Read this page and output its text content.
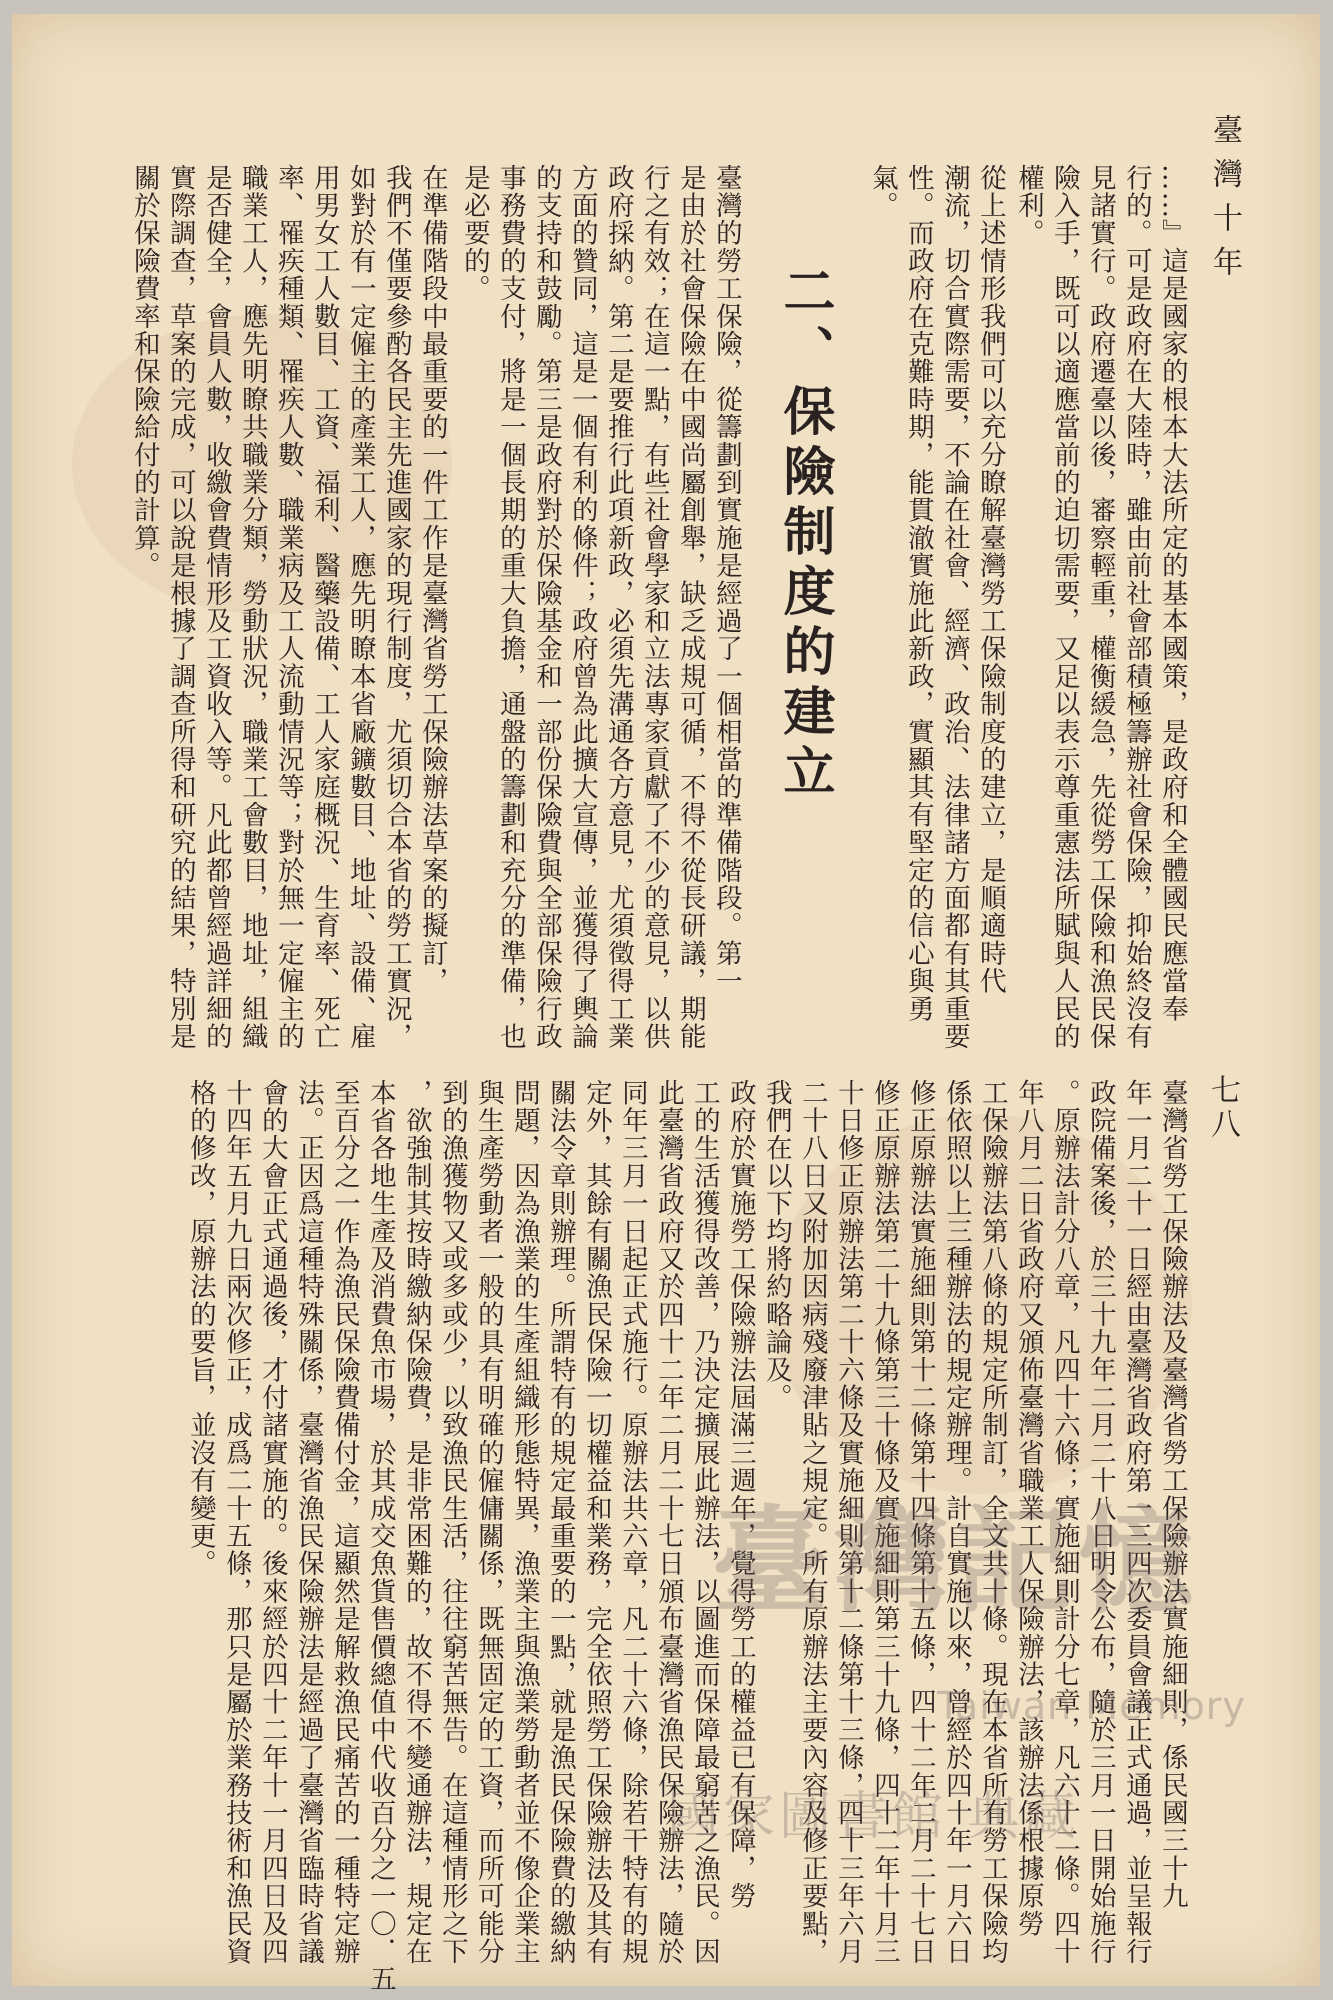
臺灣十年
七八
二、保險制度的建立	……』這是國家的根本大法所定的基本國策，是政府和全體國民應當奉
行的。可是政府在大陸時，雖由前社會部積極籌辦社會保險，抑始終沒有
見諸實行。政府遷臺以後，審察輕重，權衡緩急，先從勞工保險和漁民保
險入手，既可以適應當前的迫切需要，又足以表示尊重憲法所賦與人民的
權利。
從上述情形我們可以充分瞭解臺灣勞工保險制度的建立，是順適時代
潮流，切合實際需要，不論在社會、經濟、政治、法律諸方面都有其重要
性。而政府在克難時期，能貫澈實施此新政，實顯其有堅定的信心與勇
氣。
臺灣的勞工保險，從籌劃到實施是經過了一個相當的準備階段。第一
是由於社會保險在中國尚屬創舉，缺乏成規可循，不得不從長研議，期能
行之有效；在這一點，有些社會學家和立法專家貢獻了不少的意見，以供
政府採納。第二是要推行此項新政，必須先溝通各方意見，尤須徵得工業
方面的贊同，這是一個有利的條件；政府曾為此擴大宣傳，並獲得了輿論
的支持和鼓勵。第三是政府對於保險基金和一部份保險費與全部保險行政
事務費的支付，將是一個長期的重大負擔，通盤的籌劃和充分的準備，也
是必要的。
在準備階段中最重要的一件工作是臺灣省勞工保險辦法草案的擬訂，
我們不僅要參酌各民主先進國家的現行制度，尤須切合本省的勞工實況，
如對於有一定僱主的產業工人，應先明瞭本省廠鑛數目、地址、設備、雇
用男女工人數目、工資、福利、醫藥設備、工人家庭概況、生育率、死亡
率、罹疾種類、罹疾人數、職業病及工人流動情況等；對於無一定僱主的
職業工人，應先明瞭共職業分類，勞動狀況，職業工會數目，地址，組織
是否健全，會員人數，收繳會費情形及工資收入等。凡此都曾經過詳細的
實際調查，草案的完成，可以說是根據了調查所得和研究的結果，特別是
關於保險費率和保險給付的計算。
臺灣省勞工保險辦法及臺灣省勞工保險辦法實施細則，係民國三十九
年一月二十一日經由臺灣省政府第一三四次委員會議正式通過，並呈報行
政院備案後，於三十九年二月二十八日明令公布，隨於三月一日開始施行
。原辦法計分八章，凡四十六條；實施細則計分七章，凡六十二條。四十
年八月二日省政府又頒佈臺灣省職業工人保險辦法，該辦法係根據原勞
工保險辦法第八條的規定所制訂，全文共十條。現在本省所有勞工保險均
係依照以上三種辦法的規定辦理。計自實施以來，曾經於四十年一月六日
修正原辦法實施細則第十二條第十四條第十五條，四十二年二月二十七日
修正原辦法第二十九條第三十條及實施細則第三十九條，四十二年十月三
十日修正原辦法第二十六條及實施細則第十二條第十三條，四十三年六月
二十八日又附加因病殘廢津貼之規定。所有原辦法主要內容及修正要點，
我們在以下均將約略論及。
政府於實施勞工保險辦法屆滿三週年，覺得勞工的權益已有保障，勞
工的生活獲得改善，乃決定擴展此辦法，以圖進而保障最窮苦之漁民。因
此臺灣省政府又於四十二年二月二十七日頒布臺灣省漁民保險辦法，隨於
同年三月一日起正式施行。原辦法共六章，凡二十六條，除若干特有的規
定外，其餘有關漁民保險一切權益和業務，完全依照勞工保險辦法及其有
關法令章則辦理。所謂特有的規定最重要的一點，就是漁民保險費的繳納
問題，因為漁業的生產組織形態特異，漁業主與漁業勞動者並不像企業主
與生產勞動者一般的具有明確的僱傭關係，既無固定的工資，而所可能分
到的漁獲物又或多或少，以致漁民生活，往往窮苦無告。在這種情形之下
，欲強制其按時繳納保險費，是非常困難的，故不得不變通辦法，規定在
本省各地生產及消費魚市場，於其成交魚貨售價總值中代收百分之一〇．五
至百分之一作為漁民保險費備付金，這顯然是解救漁民痛苦的一種特定辦
法。正因爲這種特殊關係，臺灣省漁民保險辦法是經過了臺灣省臨時省議
會的大會正式通過後，才付諸實施的。後來經於四十二年十一月四日及四
十四年五月九日兩次修正，成爲二十五條，那只是屬於業務技術和漁民資
格的修改，原辦法的要旨，並沒有變更。	臺灣記憶
Taiwan Memory
國家圖書館 典藏
